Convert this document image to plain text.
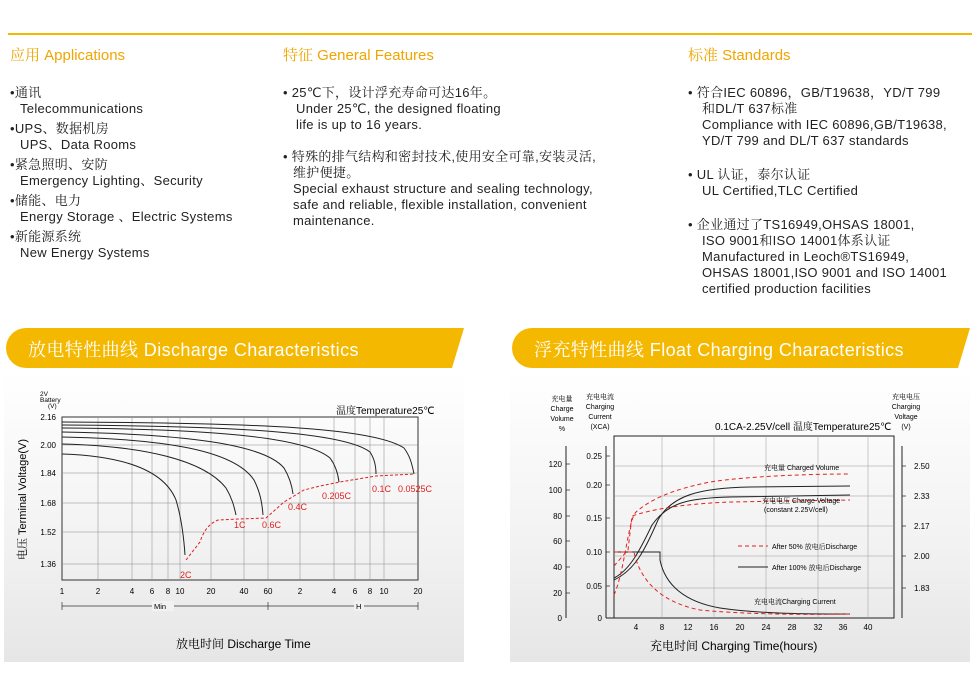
应用 Applications
•通讯
Telecommunications
•UPS、数据机房
UPS、Data Rooms
•紧急照明、安防
Emergency Lighting、Security
•储能、电力
Energy Storage 、Electric Systems
•新能源系统
New Energy Systems
特征 General Features
• 25℃下，设计浮充寿命可达16年。
Under 25℃, the designed floating
life is up to 16 years.
• 特殊的排气结构和密封技术,使用安全可靠,安装灵活,
维护便捷。
Special exhaust structure and sealing technology,
safe and reliable, flexible installation, convenient
maintenance.
标准 Standards
• 符合IEC 60896，GB/T19638，YD/T 799
和DL/T 637标准
Compliance with IEC 60896,GB/T19638,
YD/T 799 and DL/T 637 standards
• UL 认证，泰尔认证
UL Certified,TLC Certified
• 企业通过了TS16949,OHSAS 18001,
ISO 9001和ISO 14001体系认证
Manufactured in Leoch®TS16949,
OHSAS 18001,ISO 9001 and ISO 14001
certified production facilities
2V
Battery
(V)	温度Temperature25℃
电压 Terminal Voltage(V)
放电时间 Discharge Time
2.16
2.00
1.84
1.68
1.52
1.36
1	2	4 6 8 10	20	40 60	2	4 6 8 10	20
Min	H
2C
1C 0.6C
0.4C
0.205C
0.1C 0.0525C
放电特性曲线 Discharge Characteristics
充电量
Charge
Volume
%
充电电流
Charging
Current
(XCA)
充电电压
Charging
Voltage
(V)
0.1CA-2.25V/cell 温度Temperature25℃
充电时间 Charging Time(hours)
120
100
80
60
40
20
0
0.25
0.20
0.15
0.10
0.05
0
2.50
2.33
2.17
2.00
1.83
4	8 12 16 20 24 28 32 36 40
充电量 Charged Volume
充电电压 Charge Voltage
(constant 2.25V/cell)
充电电流Charging Current
After 50% 放电后Discharge
After 100% 放电后Discharge
浮充特性曲线 Float Charging Characteristics
